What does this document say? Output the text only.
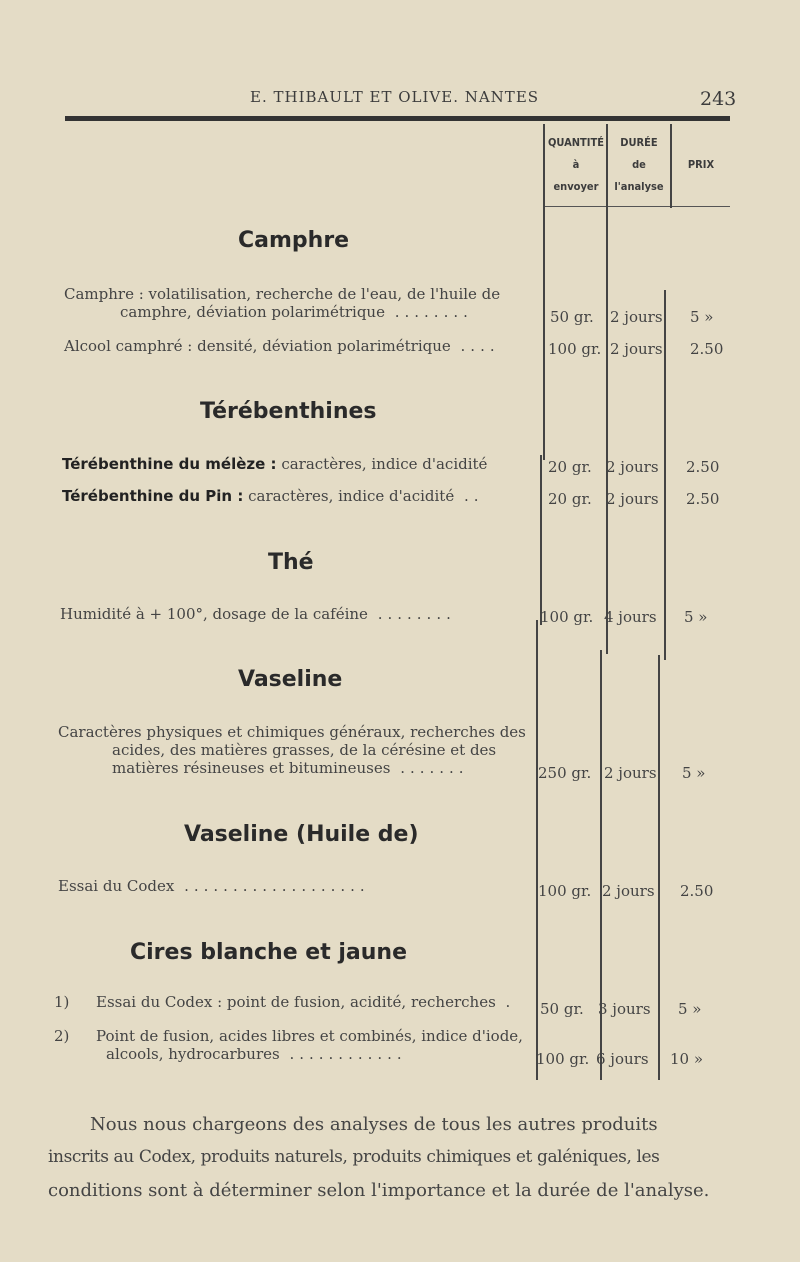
E. THIBAULT ET OLIVE. NANTES	243
QUANTITÉ
à
envoyer
DURÉE
de
l'analyse
PRIX
Camphre
Camphre : volatilisation, recherche de l'eau, de l'huile de
camphre, déviation polarimétrique ........	50 gr. 2 jours 5 »
Alcool camphré : densité, déviation polarimétrique ....	100 gr. 2 jours 2.50
Térébenthines
Térébenthine du mélèze : caractères, indice d'acidité	20 gr. 2 jours 2.50
Térébenthine du Pin : caractères, indice d'acidité ..	20 gr. 2 jours 2.50
Thé
Humidité à + 100°, dosage de la caféine ........	100 gr. 4 jours 5 »
Vaseline
Caractères physiques et chimiques généraux, recherches des
acides, des matières grasses, de la cérésine et des
matières résineuses et bitumineuses .......	250 gr. 2 jours 5 »
Vaseline (Huile de)
Essai du Codex ...................	100 gr. 2 jours 2.50
Cires blanche et jaune
1) Essai du Codex : point de fusion, acidité, recherches . 50 gr. 3 jours 5 »
2) Point de fusion, acides libres et combinés, indice d'iode,
alcools, hydrocarbures ............	100 gr. 6 jours 10 »
Nous nous chargeons des analyses de tous les autres produits
inscrits au Codex, produits naturels, produits chimiques et galéniques, les
conditions sont à déterminer selon l'importance et la durée de l'analyse.
